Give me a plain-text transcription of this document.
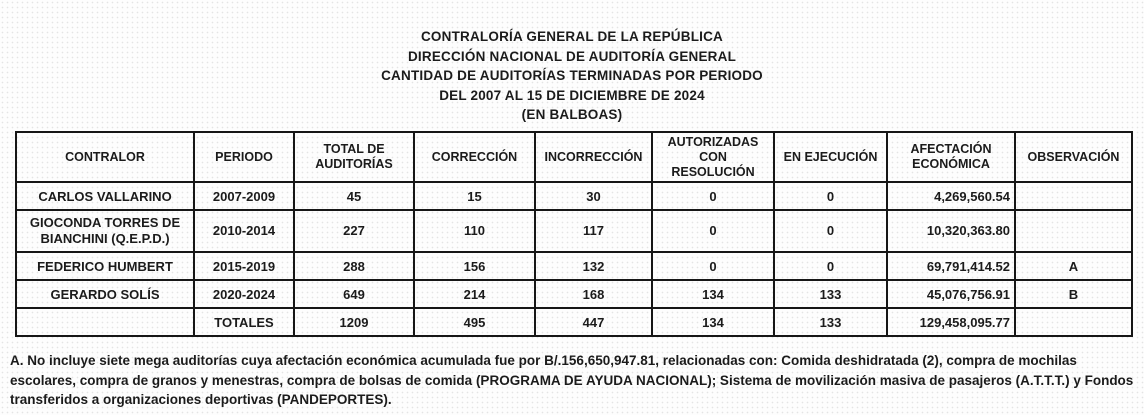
CONTRALORÍA GENERAL DE LA REPÚBLICA
DIRECCIÓN NACIONAL DE AUDITORÍA GENERAL
CANTIDAD DE AUDITORÍAS TERMINADAS POR PERIODO
DEL 2007 AL 15 DE DICIEMBRE DE 2024
(EN BALBOAS)
CONTRALOR	PERIODO	TOTAL DE AUDITORÍAS	CORRECCIÓN	INCORRECCIÓN	AUTORIZADAS CON RESOLUCIÓN	EN EJECUCIÓN	AFECTACIÓN ECONÓMICA	OBSERVACIÓN
CARLOS VALLARINO	2007-2009	45	15	30	0	0	4,269,560.54	
GIOCONDA TORRES DE BIANCHINI (Q.E.P.D.)	2010-2014	227	110	117	0	0	10,320,363.80	
FEDERICO HUMBERT	2015-2019	288	156	132	0	0	69,791,414.52	A
GERARDO SOLÍS	2020-2024	649	214	168	134	133	45,076,756.91	B
	TOTALES	1209	495	447	134	133	129,458,095.77	
A. No incluye siete mega auditorías cuya afectación económica acumulada fue por B/.156,650,947.81, relacionadas con: Comida deshidratada (2), compra de mochilas escolares, compra de granos y menestras, compra de bolsas de comida (PROGRAMA DE AYUDA NACIONAL); Sistema de movilización masiva de pasajeros (A.T.T.T.) y Fondos transferidos a organizaciones deportivas (PANDEPORTES).
